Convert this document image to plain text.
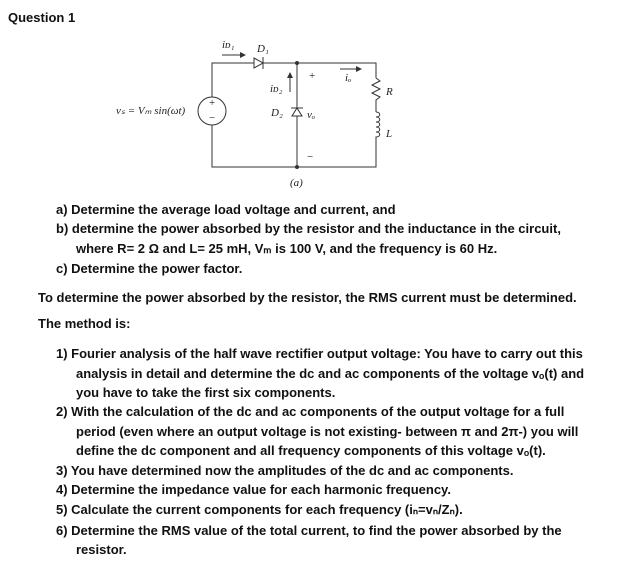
Question 1
+
−
vₛ = Vₘ sin(ωt)
D₁
iᴅ₁
iᴅ₂
D₂ vₒ
+
−
iₒ
R
L
(a)
a) Determine the average load voltage and current, and
b) determine the power absorbed by the resistor and the inductance in the circuit,
where R= 2 Ω and L= 25 mH, Vₘ is 100 V, and the frequency is 60 Hz.
c) Determine the power factor.
To determine the power absorbed by the resistor, the RMS current must be determined.
The method is:
1) Fourier analysis of the half wave rectifier output voltage: You have to carry out this
analysis in detail and determine the dc and ac components of the voltage vₒ(t) and
you have to take the first six components.
2) With the calculation of the dc and ac components of the output voltage for a full
period (even where an output voltage is not existing- between π and 2π-) you will
define the dc component and all frequency components of this voltage vₒ(t).
3) You have determined now the amplitudes of the dc and ac components.
4) Determine the impedance value for each harmonic frequency.
5) Calculate the current components for each frequency (iₙ=vₙ/Zₙ).
6) Determine the RMS value of the total current, to find the power absorbed by the
resistor.
